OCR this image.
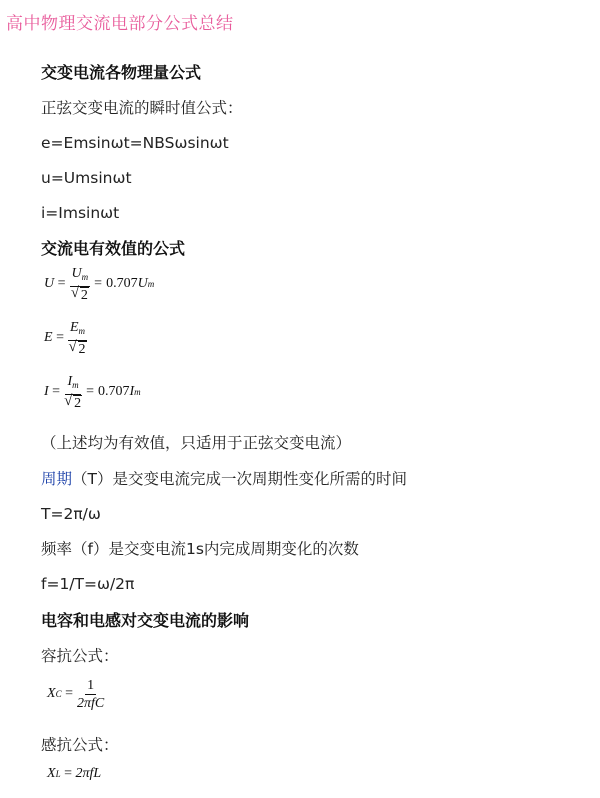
高中物理交流电部分公式总结
交变电流各物理量公式
正弦交变电流的瞬时值公式：
e=Emsinωt=NBSωsinωt
u=Umsinωt
i=Imsinωt
交流电有效值的公式
$U = U_m$
√ 2 = 0.707 U m
$E = E_m$
√ 2
$I = I_m$
√ 2 = 0.707 I m
（上述均为有效值，只适用于正弦交变电流）
周期（T）是交变电流完成一次周期性变化所需的时间
T=2π/ω
频率（f）是交变电流1s内完成周期变化的次数
f=1/T=ω/2π
电容和电感对交变电流的影响
容抗公式：
X $C = \frac{1}{\text{2πfC}}$
感抗公式：
X L = 2πfL
